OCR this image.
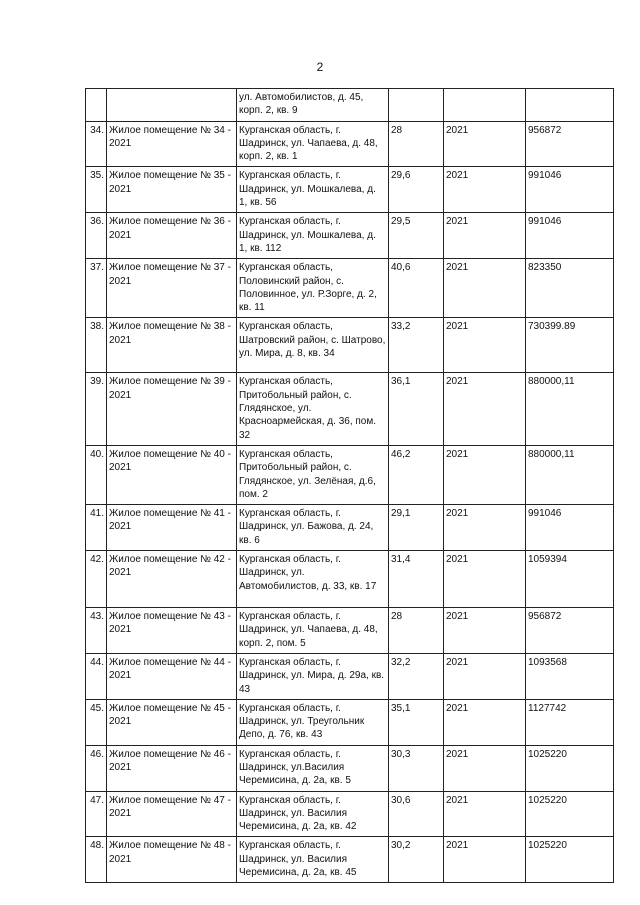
2
		ул. Автомобилистов, д. 45, корп. 2, кв. 9			
34.	Жилое помещение № 34 - 2021	Курганская область, г. Шадринск, ул. Чапаева, д. 48, корп. 2, кв. 1	28	2021	956872
35.	Жилое помещение № 35 - 2021	Курганская область, г. Шадринск, ул. Мошкалева, д. 1, кв. 56	29,6	2021	991046
36.	Жилое помещение № 36 - 2021	Курганская область, г. Шадринск, ул. Мошкалева, д. 1, кв. 112	29,5	2021	991046
37.	Жилое помещение № 37 - 2021	Курганская область, Половинский район, с. Половинное, ул. Р.Зорге, д. 2, кв. 11	40,6	2021	823350
38.	Жилое помещение № 38 - 2021	Курганская область, Шатровский район, с. Шатрово, ул. Мира, д. 8, кв. 34	33,2	2021	730399.89
39.	Жилое помещение № 39 - 2021	Курганская область, Притобольный район, с. Глядянское, ул. Красноармейская, д. 36, пом. 32	36,1	2021	880000,11
40.	Жилое помещение № 40 - 2021	Курганская область, Притобольный район, с. Глядянское, ул. Зелёная, д.6, пом. 2	46,2	2021	880000,11
41.	Жилое помещение № 41 - 2021	Курганская область, г. Шадринск, ул. Бажова, д. 24, кв. 6	29,1	2021	991046
42.	Жилое помещение № 42 - 2021	Курганская область, г. Шадринск, ул. Автомобилистов, д. 33, кв. 17	31,4	2021	1059394
43.	Жилое помещение № 43 - 2021	Курганская область, г. Шадринск, ул. Чапаева, д. 48, корп. 2, пом. 5	28	2021	956872
44.	Жилое помещение № 44 - 2021	Курганская область, г. Шадринск, ул. Мира, д. 29а, кв. 43	32,2	2021	1093568
45.	Жилое помещение № 45 - 2021	Курганская область, г. Шадринск, ул. Треугольник Депо, д. 76, кв. 43	35,1	2021	1127742
46.	Жилое помещение № 46 - 2021	Курганская область, г. Шадринск, ул.Василия Черемисина, д. 2а, кв. 5	30,3	2021	1025220
47.	Жилое помещение № 47 - 2021	Курганская область, г. Шадринск, ул. Василия Черемисина, д. 2а, кв. 42	30,6	2021	1025220
48.	Жилое помещение № 48 - 2021	Курганская область, г. Шадринск, ул. Василия Черемисина, д. 2а, кв. 45	30,2	2021	1025220
